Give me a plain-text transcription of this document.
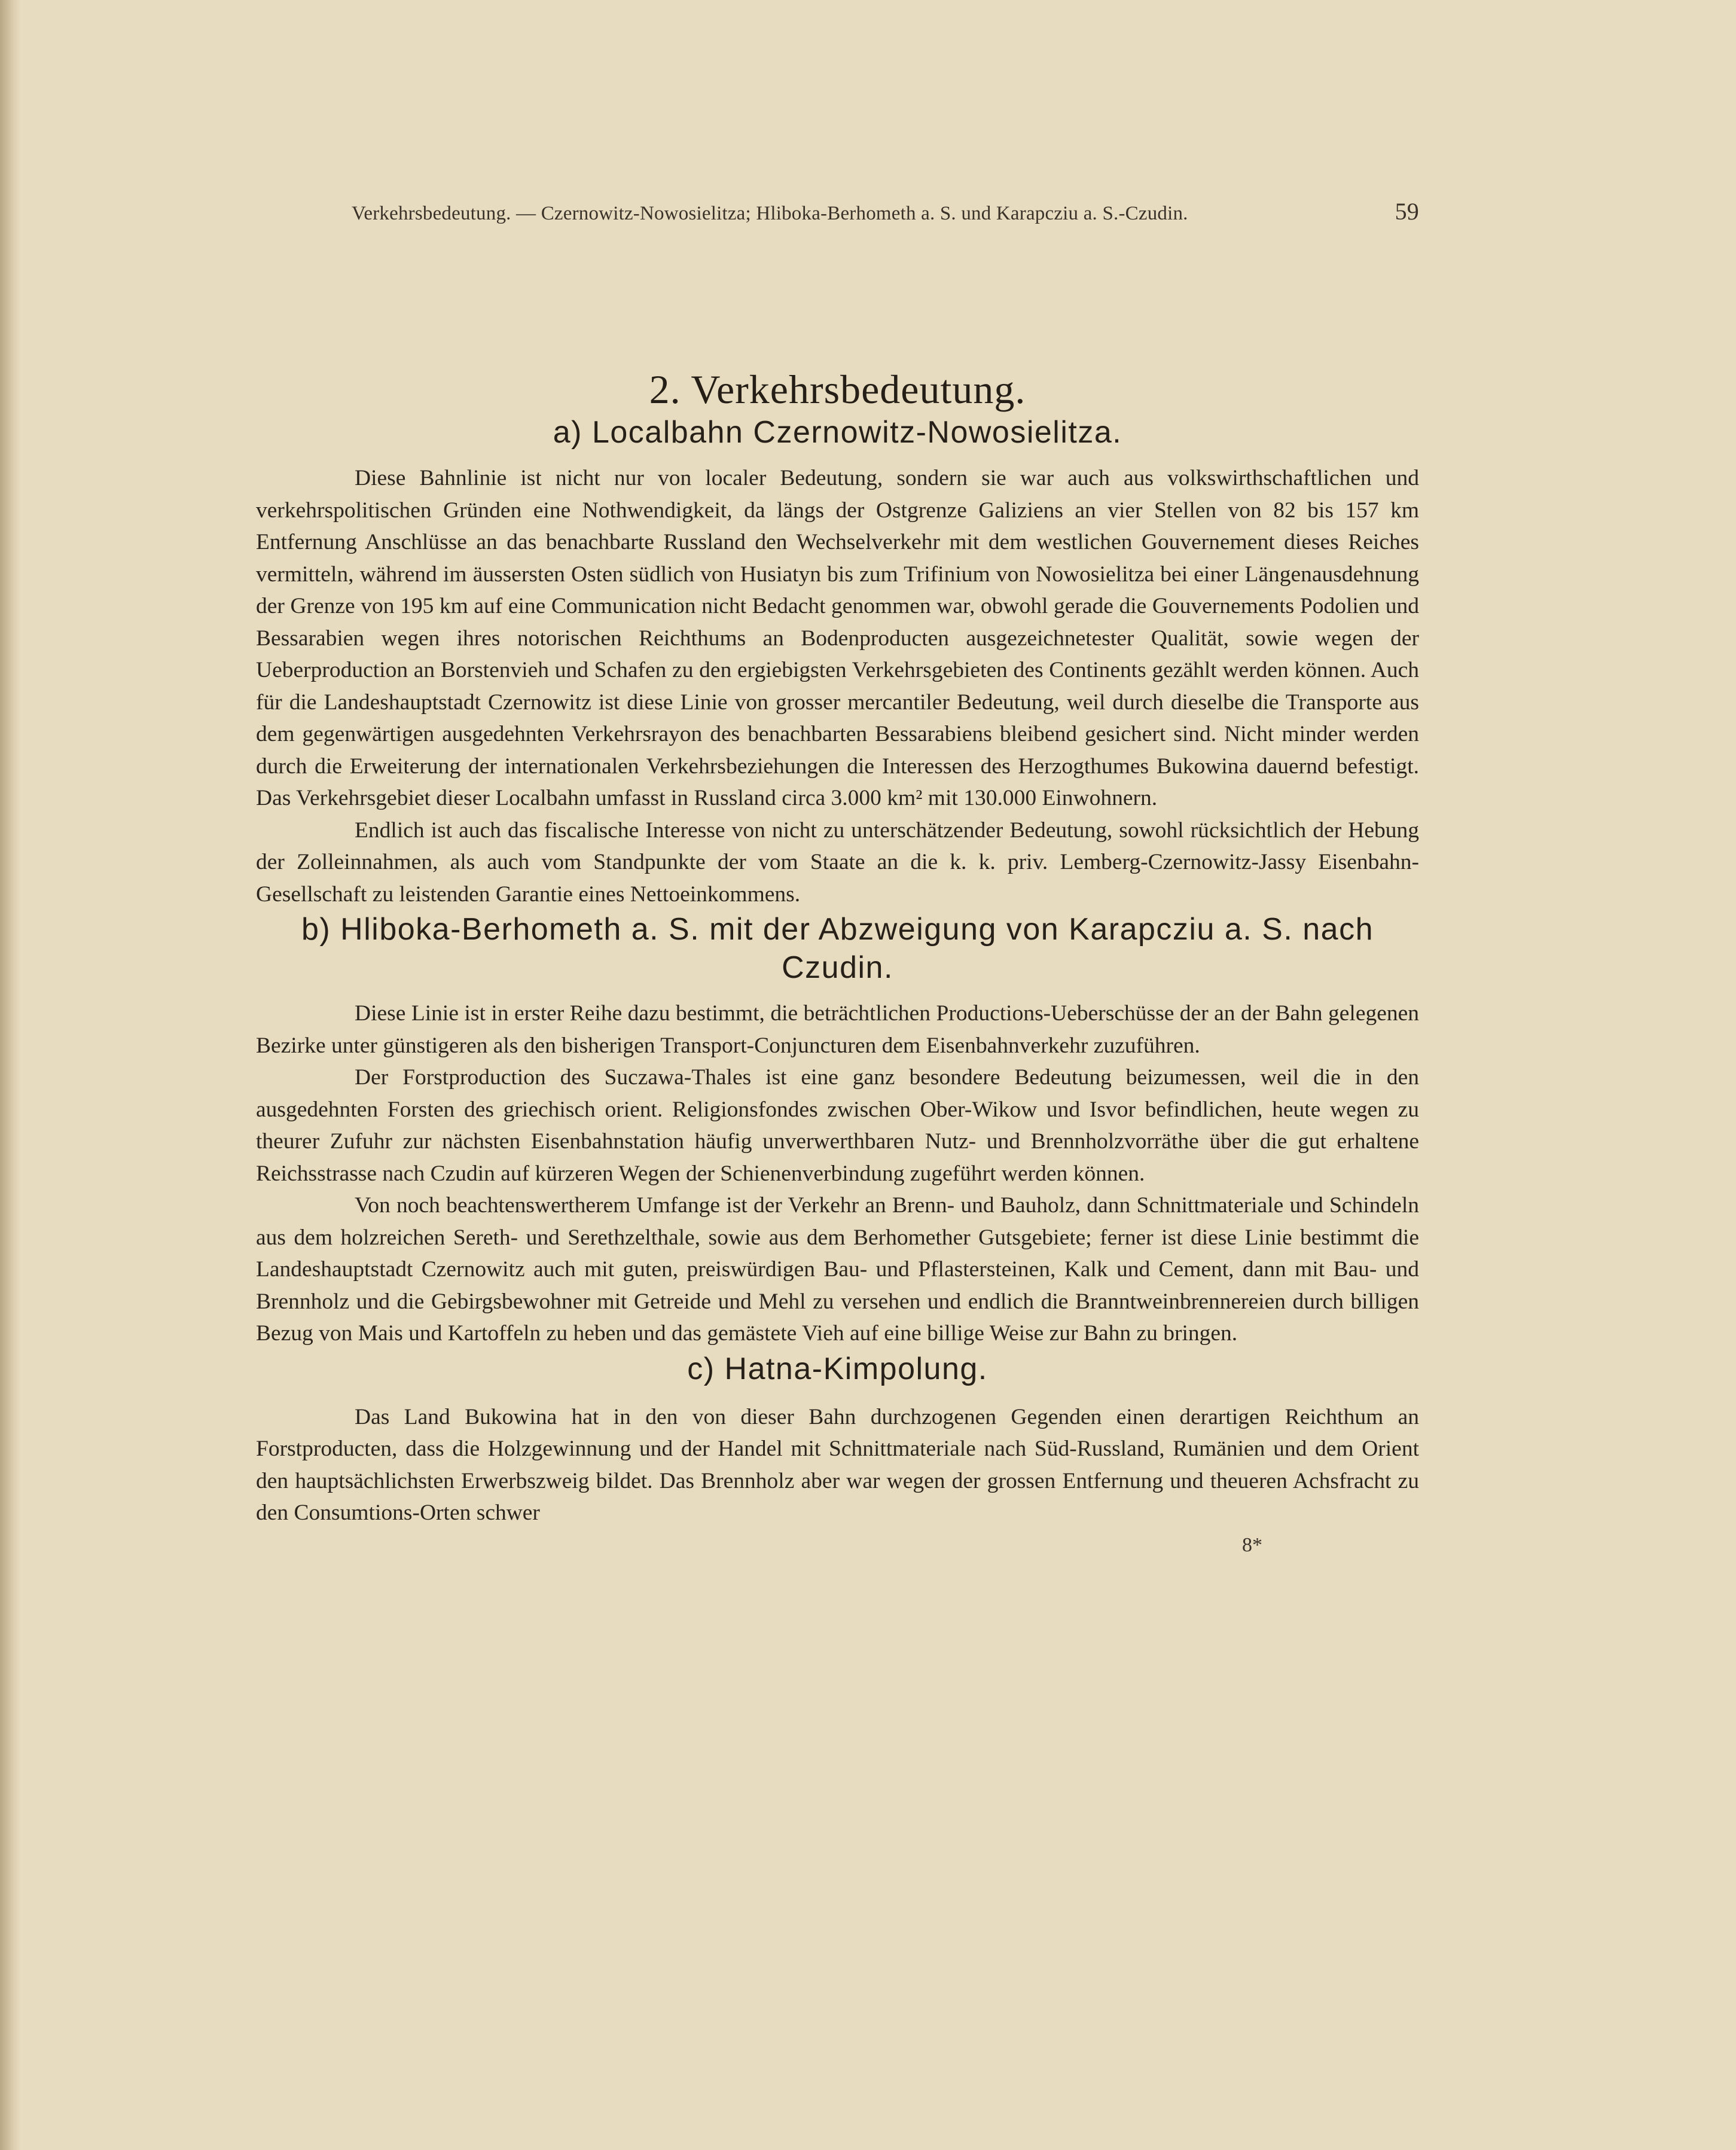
Verkehrsbedeutung. — Czernowitz-Nowosielitza; Hliboka-Berhometh a. S. und Karapcziu a. S.-Czudin.	59
2. Verkehrsbedeutung.
a) Localbahn Czernowitz-Nowosielitza.

Diese Bahnlinie ist nicht nur von localer Bedeutung, sondern sie war auch aus volkswirthschaftlichen und verkehrspolitischen Gründen eine Nothwendigkeit, da längs der Ostgrenze Galiziens an vier Stellen von 82 bis 157 km Entfernung Anschlüsse an das benachbarte Russland den Wechselverkehr mit dem westlichen Gouvernement dieses Reiches vermitteln, während im äussersten Osten südlich von Husiatyn bis zum Trifinium von Nowosielitza bei einer Längenausdehnung der Grenze von 195 km auf eine Communication nicht Bedacht genommen war, obwohl gerade die Gouvernements Podolien und Bessarabien wegen ihres notorischen Reichthums an Bodenproducten ausgezeichnetester Qualität, sowie wegen der Ueberproduction an Borstenvieh und Schafen zu den ergiebigsten Verkehrsgebieten des Continents gezählt werden können. Auch für die Landeshauptstadt Czernowitz ist diese Linie von grosser mercantiler Bedeutung, weil durch dieselbe die Transporte aus dem gegenwärtigen ausgedehnten Verkehrsrayon des benachbarten Bessarabiens bleibend gesichert sind. Nicht minder werden durch die Erweiterung der internationalen Verkehrsbeziehungen die Interessen des Herzogthumes Bukowina dauernd befestigt. Das Verkehrsgebiet dieser Localbahn umfasst in Russland circa 3.000 km² mit 130.000 Einwohnern.

Endlich ist auch das fiscalische Interesse von nicht zu unterschätzender Bedeutung, sowohl rücksichtlich der Hebung der Zolleinnahmen, als auch vom Standpunkte der vom Staate an die k. k. priv. Lemberg-Czernowitz-Jassy Eisenbahn-Gesellschaft zu leistenden Garantie eines Nettoeinkommens.

b) Hliboka-Berhometh a. S. mit der Abzweigung von Karapcziu a. S. nach Czudin.

Diese Linie ist in erster Reihe dazu bestimmt, die beträchtlichen Productions-Ueberschüsse der an der Bahn gelegenen Bezirke unter günstigeren als den bisherigen Transport-Conjuncturen dem Eisenbahnverkehr zuzuführen.

Der Forstproduction des Suczawa-Thales ist eine ganz besondere Bedeutung beizumessen, weil die in den ausgedehnten Forsten des griechisch orient. Religionsfondes zwischen Ober-Wikow und Isvor befindlichen, heute wegen zu theurer Zufuhr zur nächsten Eisenbahnstation häufig unverwerthbaren Nutz- und Brennholzvorräthe über die gut erhaltene Reichsstrasse nach Czudin auf kürzeren Wegen der Schienenverbindung zugeführt werden können.

Von noch beachtenswertherem Umfange ist der Verkehr an Brenn- und Bauholz, dann Schnittmateriale und Schindeln aus dem holzreichen Sereth- und Serethzelthale, sowie aus dem Berhomether Gutsgebiete; ferner ist diese Linie bestimmt die Landeshauptstadt Czernowitz auch mit guten, preiswürdigen Bau- und Pflastersteinen, Kalk und Cement, dann mit Bau- und Brennholz und die Gebirgsbewohner mit Getreide und Mehl zu versehen und endlich die Branntweinbrennereien durch billigen Bezug von Mais und Kartoffeln zu heben und das gemästete Vieh auf eine billige Weise zur Bahn zu bringen.

c) Hatna-Kimpolung.

Das Land Bukowina hat in den von dieser Bahn durchzogenen Gegenden einen derartigen Reichthum an Forstproducten, dass die Holzgewinnung und der Handel mit Schnittmateriale nach Süd-Russland, Rumänien und dem Orient den hauptsächlichsten Erwerbszweig bildet. Das Brennholz aber war wegen der grossen Entfernung und theueren Achsfracht zu den Consumtions-Orten schwer

8*
